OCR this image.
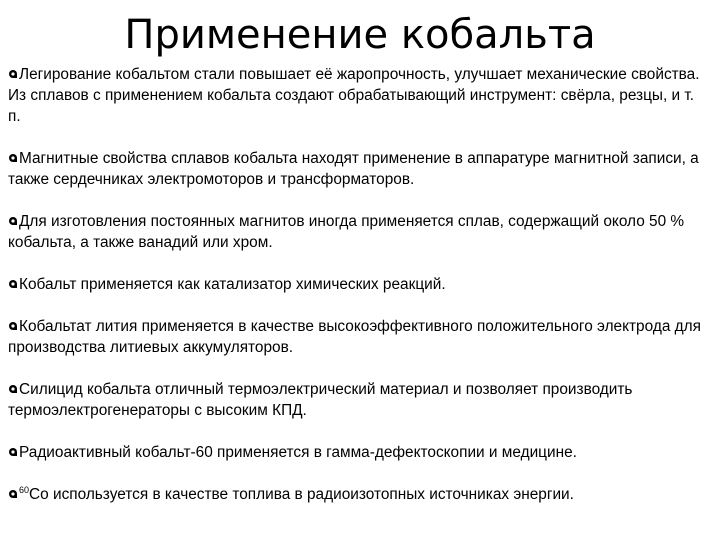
Применение кобальта

Легирование кобальтом стали повышает её жаропрочность, улучшает механические свойства. Из сплавов с применением кобальта создают обрабатывающий инструмент: свёрла, резцы, и т. п.

Магнитные свойства сплавов кобальта находят применение в аппаратуре магнитной записи, а также сердечниках электромоторов и трансформаторов.

Для изготовления постоянных магнитов иногда применяется сплав, содержащий около 50 % кобальта, а также ванадий или хром.

Кобальт применяется как катализатор химических реакций.

Кобальтат лития применяется в качестве высокоэффективного положительного электрода для производства литиевых аккумуляторов.

Силицид кобальта отличный термоэлектрический материал и позволяет производить термоэлектрогенераторы с высоким КПД.

Радиоактивный кобальт-60 применяется в гамма-дефектоскопии и медицине.

$^{60}$Co используется в качестве топлива в радиоизотопных источниках энергии.
